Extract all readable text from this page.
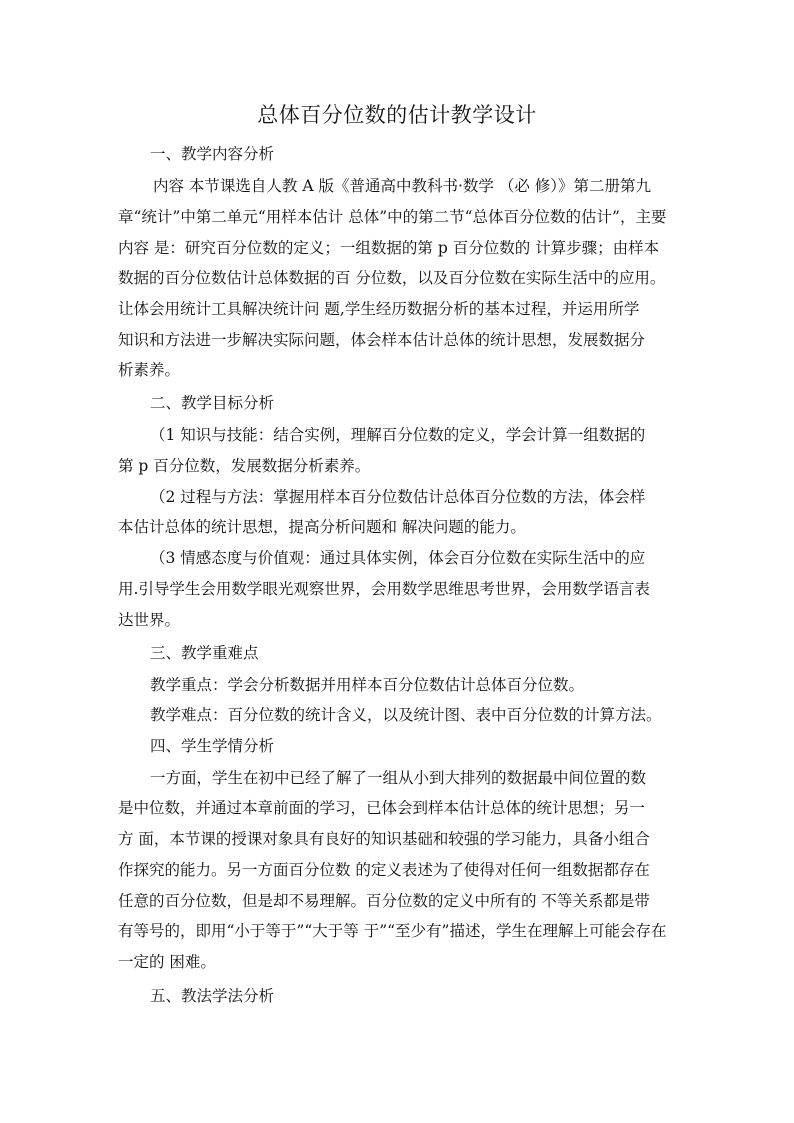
总体百分位数的估计教学设计
一、教学内容分析
内容 本节课选自人教 A 版《普通高中教科书·数学 （必 修）》第二册第九
章“统计”中第二单元“用样本估计 总体”中的第二节“总体百分位数的估计”，主要
内容 是：研究百分位数的定义；一组数据的第 p 百分位数的 计算步骤；由样本
数据的百分位数估计总体数据的百 分位数，以及百分位数在实际生活中的应用。
让体会用统计工具解决统计问 题,学生经历数据分析的基本过程，并运用所学
知识和方法进一步解决实际问题，体会样本估计总体的统计思想，发展数据分
析素养。
二、教学目标分析
（1 知识与技能：结合实例，理解百分位数的定义，学会计算一组数据的
第 p 百分位数，发展数据分析素养。
（2 过程与方法：掌握用样本百分位数估计总体百分位数的方法，体会样
本估计总体的统计思想，提高分析问题和 解决问题的能力。
（3 情感态度与价值观：通过具体实例，体会百分位数在实际生活中的应
用.引导学生会用数学眼光观察世界，会用数学思维思考世界，会用数学语言表
达世界。
三、教学重难点
教学重点：学会分析数据并用样本百分位数估计总体百分位数。
教学难点：百分位数的统计含义，以及统计图、表中百分位数的计算方法。
四、学生学情分析
一方面，学生在初中已经了解了一组从小到大排列的数据最中间位置的数
是中位数，并通过本章前面的学习，已体会到样本估计总体的统计思想；另一
方 面，本节课的授课对象具有良好的知识基础和较强的学习能力，具备小组合
作探究的能力。另一方面百分位数 的定义表述为了使得对任何一组数据都存在
任意的百分位数，但是却不易理解。百分位数的定义中所有的 不等关系都是带
有等号的，即用“小于等于”“大于等 于”“至少有”描述，学生在理解上可能会存在
一定的 困难。
五、教法学法分析
